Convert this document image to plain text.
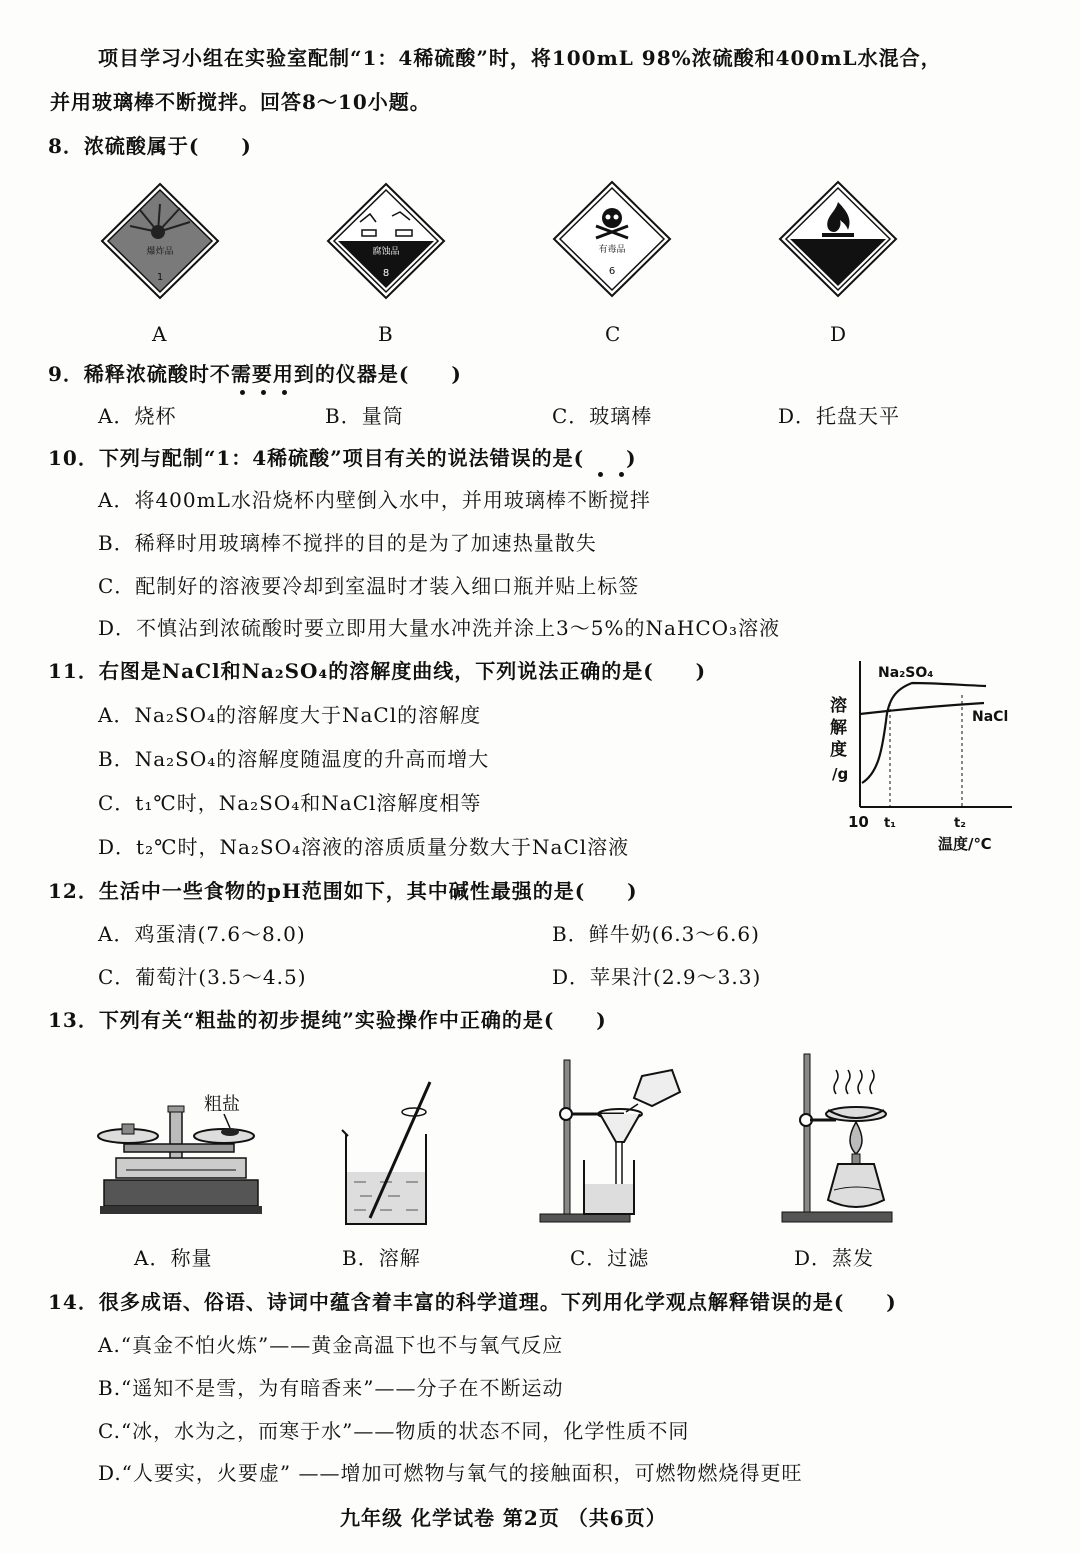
项目学习小组在实验室配制“1：4稀硫酸”时，将100mL 98%浓硫酸和400mL水混合，
并用玻璃棒不断搅拌。回答8～10小题。
8．浓硫酸属于(　　)
爆炸品
1
腐蚀品
8
有毒品
6
A	B	C	D
9．稀释浓硫酸时不需要用到的仪器是(　　)
A．烧杯	B．量筒	C．玻璃棒	D．托盘天平
10．下列与配制“1：4稀硫酸”项目有关的说法错误的是(　　)
A．将400mL水沿烧杯内壁倒入水中，并用玻璃棒不断搅拌
B．稀释时用玻璃棒不搅拌的目的是为了加速热量散失
C．配制好的溶液要冷却到室温时才装入细口瓶并贴上标签
D．不慎沾到浓硫酸时要立即用大量水冲洗并涂上3～5%的NaHCO₃溶液
11．右图是NaCl和Na₂SO₄的溶解度曲线，下列说法正确的是(　　)
A．Na₂SO₄的溶解度大于NaCl的溶解度
B．Na₂SO₄的溶解度随温度的升高而增大
C．t₁℃时，Na₂SO₄和NaCl溶解度相等
D．t₂℃时，Na₂SO₄溶液的溶质质量分数大于NaCl溶液
溶
解
度
/g
Na₂SO₄
NaCl
10 t₁	t₂
温度/℃
12．生活中一些食物的pH范围如下，其中碱性最强的是(　　)
A．鸡蛋清(7.6～8.0)	B．鲜牛奶(6.3～6.6)
C．葡萄汁(3.5～4.5)	D．苹果汁(2.9～3.3)
13．下列有关“粗盐的初步提纯”实验操作中正确的是(　　)
粗盐
A．称量	B．溶解	C．过滤	D．蒸发
14．很多成语、俗语、诗词中蕴含着丰富的科学道理。下列用化学观点解释错误的是(　　)
A.“真金不怕火炼”——黄金高温下也不与氧气反应
B.“遥知不是雪，为有暗香来”——分子在不断运动
C.“冰，水为之，而寒于水”——物质的状态不同，化学性质不同
D.“人要实，火要虚” ——增加可燃物与氧气的接触面积，可燃物燃烧得更旺
九年级 化学试卷 第2页 （共6页）
